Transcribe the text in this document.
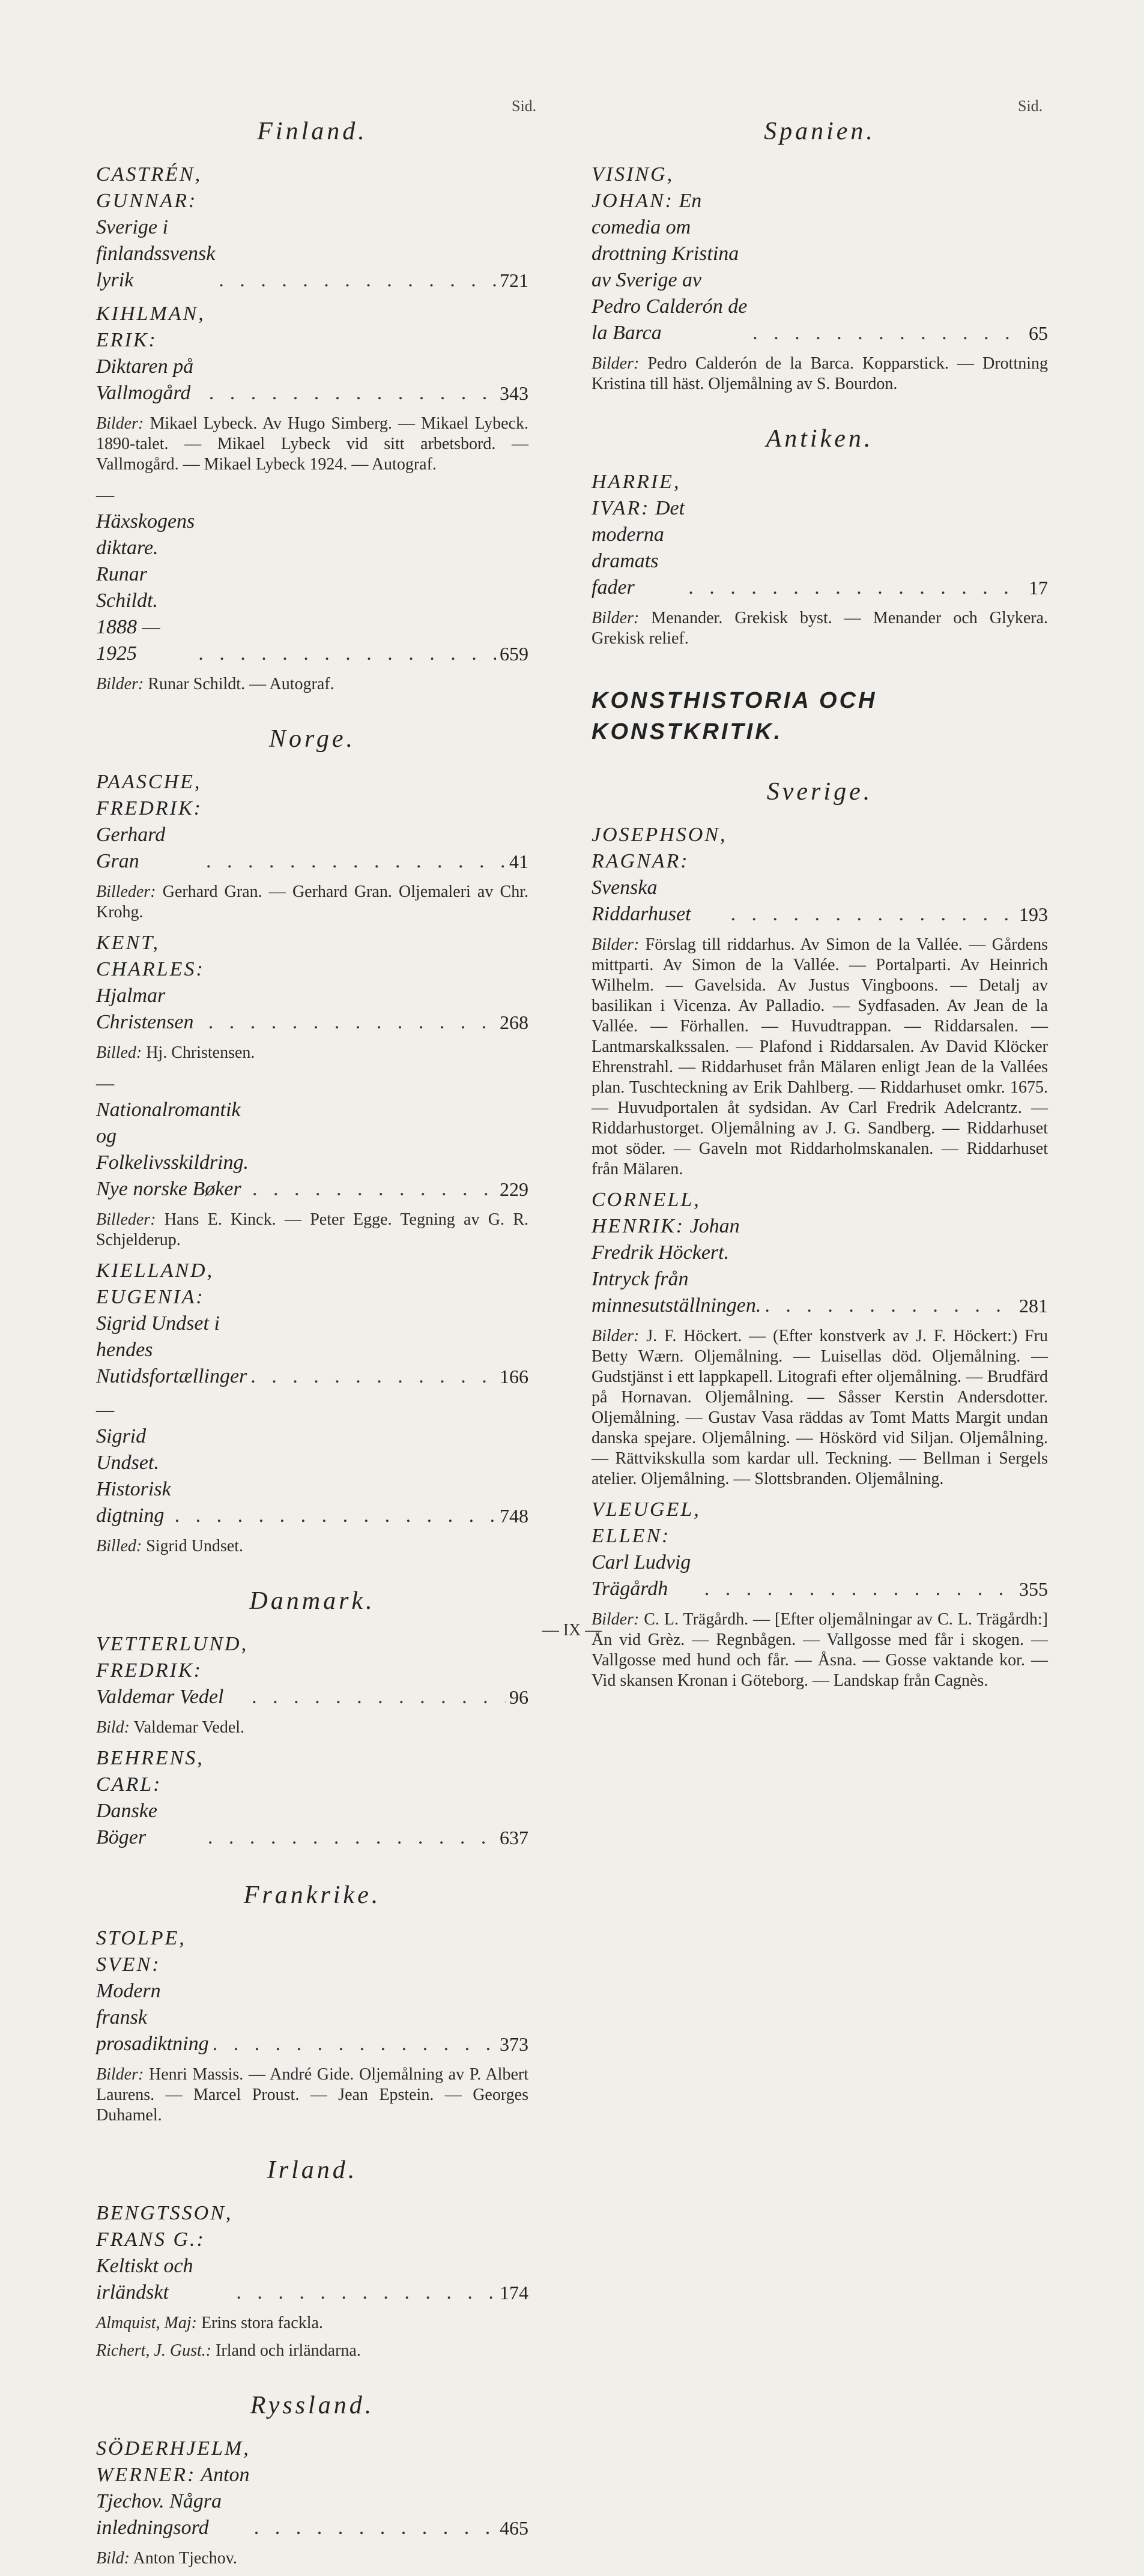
Sid.	Sid.
Finland.
CASTRÉN, GUNNAR: Sverige i finlandssvensk lyrik . . .	721
KIHLMAN, ERIK: Diktaren på Vallmogård . . .	343
Bilder: Mikael Lybeck. Av Hugo Simberg. — Mikael Lybeck. 1890-talet. — Mikael Lybeck vid sitt arbetsbord. — Vallmogård. — Mikael Lybeck 1924. — Autograf.
— Häxskogens diktare. Runar Schildt. 1888 —1925 . . .	659
Bilder: Runar Schildt. — Autograf.
Norge.
PAASCHE, FREDRIK: Gerhard Gran . . .	41
Billeder: Gerhard Gran. — Gerhard Gran. Oljemaleri av Chr. Krohg.
KENT, CHARLES: Hjalmar Christensen . . .	268
Billed: Hj. Christensen.
— Nationalromantik og Folkelivsskildring. Nye norske Bøker . . .	229
Billeder: Hans E. Kinck. — Peter Egge. Tegning av G. R. Schjelderup.
KIELLAND, EUGENIA: Sigrid Undset i hendes Nutidsfortællinger . . .	166
— Sigrid Undset. Historisk digtning . . .	748
Billed: Sigrid Undset.
Danmark.
VETTERLUND, FREDRIK: Valdemar Vedel . . .	96
Bild: Valdemar Vedel.
BEHRENS, CARL: Danske Böger . . .	637
Frankrike.
STOLPE, SVEN: Modern fransk prosadiktning . . .	373
Bilder: Henri Massis. — André Gide. Oljemålning av P. Albert Laurens. — Marcel Proust. — Jean Epstein. — Georges Duhamel.
Irland.
BENGTSSON, FRANS G.: Keltiskt och irländskt . . .	174
Almquist, Maj: Erins stora fackla.
Richert, J. Gust.: Irland och irländarna.
Ryssland.
SÖDERHJELM, WERNER: Anton Tjechov. Några inledningsord . . .	465
Bild: Anton Tjechov.
Spanien.
VISING, JOHAN: En comedia om drottning Kristina av Sverige av Pedro Calderón de la Barca . . .	65
Bilder: Pedro Calderón de la Barca. Kopparstick. — Drottning Kristina till häst. Oljemålning av S. Bourdon.
Antiken.
HARRIE, IVAR: Det moderna dramats fader . . .	17
Bilder: Menander. Grekisk byst. — Menander och Glykera. Grekisk relief.
KONSTHISTORIA OCH KONSTKRITIK.
Sverige.
JOSEPHSON, RAGNAR: Svenska Riddarhuset . . .	193
Bilder: Förslag till riddarhus. Av Simon de la Vallée. — Gårdens mittparti. Av Simon de la Vallée. — Portalparti. Av Heinrich Wilhelm. — Gavelsida. Av Justus Vingboons. — Detalj av basilikan i Vicenza. Av Palladio. — Sydfasaden. Av Jean de la Vallée. — Förhallen. — Huvudtrappan. — Riddarsalen. — Lantmarskalkssalen. — Plafond i Riddarsalen. Av David Klöcker Ehrenstrahl. — Riddarhuset från Mälaren enligt Jean de la Vallées plan. Tuschteckning av Erik Dahlberg. — Riddarhuset omkr. 1675. — Huvudportalen åt sydsidan. Av Carl Fredrik Adelcrantz. — Riddarhustorget. Oljemålning av J. G. Sandberg. — Riddarhuset mot söder. — Gaveln mot Riddarholmskanalen. — Riddarhuset från Mälaren.
CORNELL, HENRIK: Johan Fredrik Höckert. Intryck från minnesutställningen. . . .	281
Bilder: J. F. Höckert. — (Efter konstverk av J. F. Höckert:) Fru Betty Wærn. Oljemålning. — Luisellas död. Oljemålning. — Gudstjänst i ett lappkapell. Litografi efter oljemålning. — Brudfärd på Hornavan. Oljemålning. — Såsser Kerstin Andersdotter. Oljemålning. — Gustav Vasa räddas av Tomt Matts Margit undan danska spejare. Oljemålning. — Höskörd vid Siljan. Oljemålning. — Rättvikskulla som kardar ull. Teckning. — Bellman i Sergels atelier. Oljemålning. — Slottsbranden. Oljemålning.
VLEUGEL, ELLEN: Carl Ludvig Trägårdh . . .	355
Bilder: C. L. Trägårdh. — [Efter oljemålningar av C. L. Trägårdh:] Ån vid Grèz. — Regnbågen. — Vallgosse med får i skogen. — Vallgosse med hund och får. — Åsna. — Gosse vaktande kor. — Vid skansen Kronan i Göteborg. — Landskap från Cagnès.
— IX —
